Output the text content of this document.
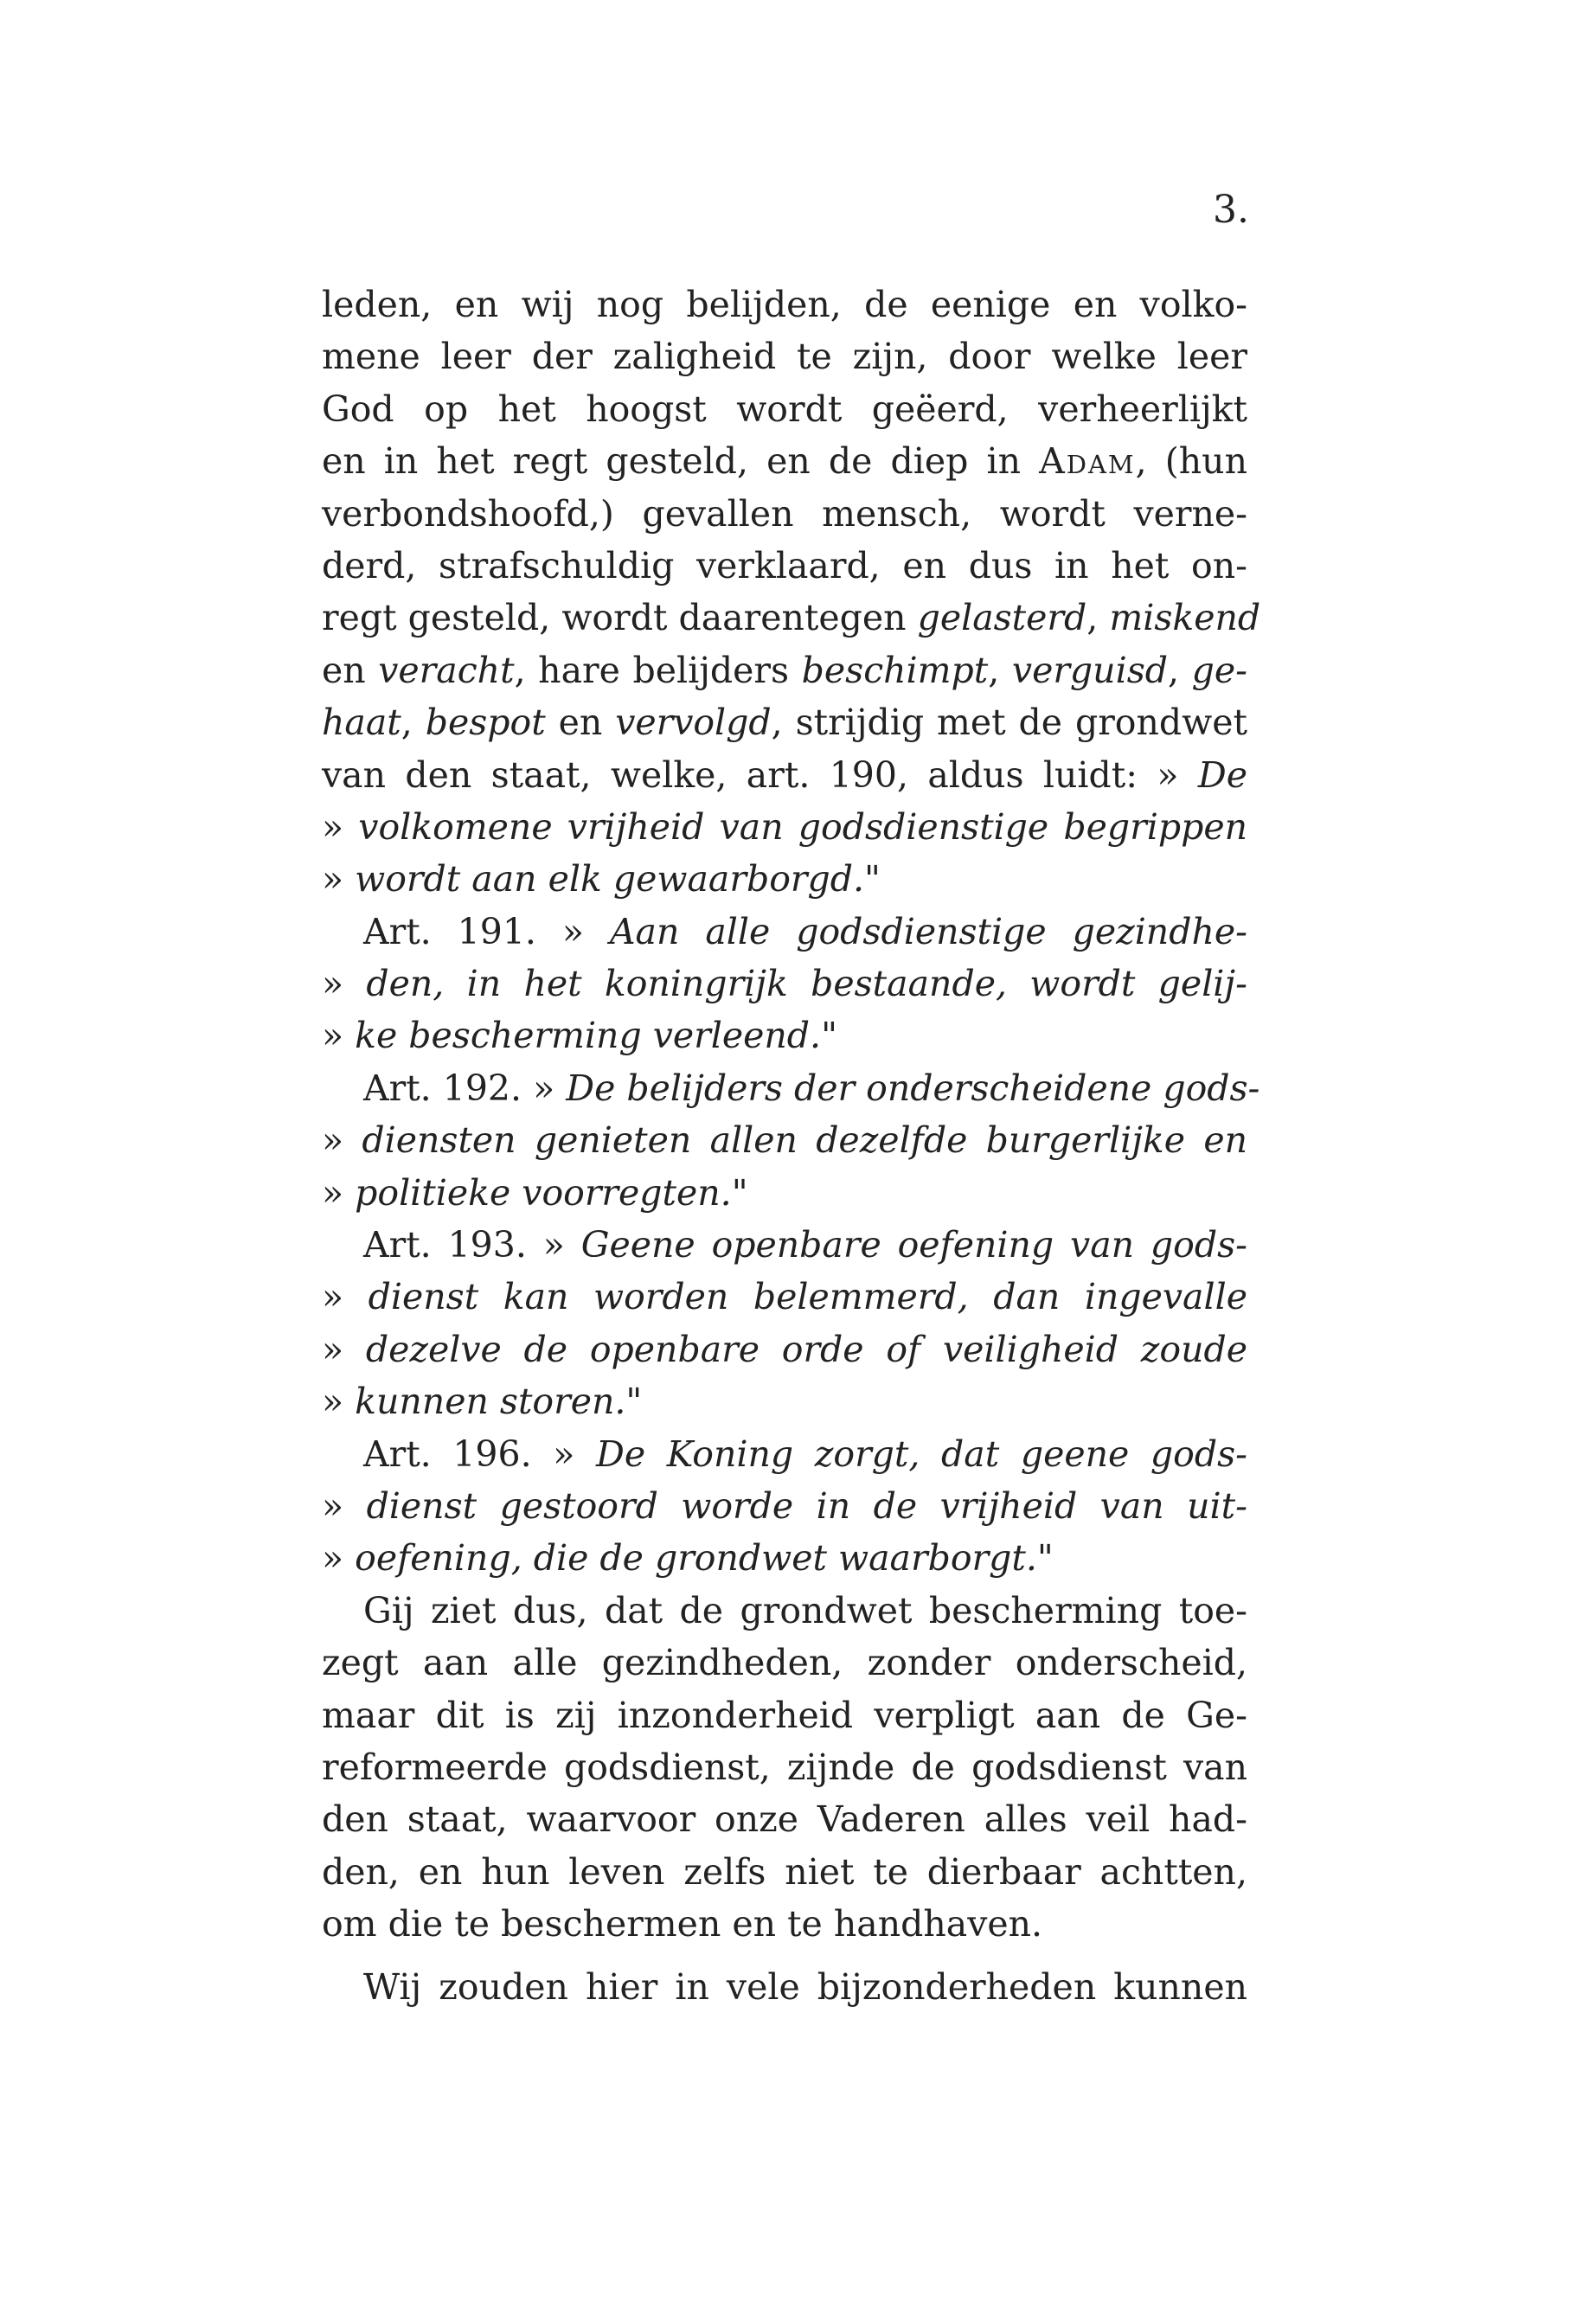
3.
leden, en wij nog belijden, de eenige en volko-
mene leer der zaligheid te zijn, door welke leer
God op het hoogst wordt geëerd, verheerlijkt
en in het regt gesteld, en de diep in Adam, (hun
verbondshoofd,) gevallen mensch, wordt verne-
derd, strafschuldig verklaard, en dus in het on-
regt gesteld, wordt daarentegen gelasterd, miskend
en veracht, hare belijders beschimpt, verguisd, ge-
haat, bespot en vervolgd, strijdig met de grondwet
van den staat, welke, art. 190, aldus luidt: » De
» volkomene vrijheid van godsdienstige begrippen
» wordt aan elk gewaarborgd."
Art. 191. » Aan alle godsdienstige gezindhe-
» den, in het koningrijk bestaande, wordt gelij-
» ke bescherming verleend."
Art. 192. » De belijders der onderscheidene gods-
» diensten genieten allen dezelfde burgerlijke en
» politieke voorregten."
Art. 193. » Geene openbare oefening van gods-
» dienst kan worden belemmerd, dan ingevalle
» dezelve de openbare orde of veiligheid zoude
» kunnen storen."
Art. 196. » De Koning zorgt, dat geene gods-
» dienst gestoord worde in de vrijheid van uit-
» oefening, die de grondwet waarborgt."
Gij ziet dus, dat de grondwet bescherming toe-
zegt aan alle gezindheden, zonder onderscheid,
maar dit is zij inzonderheid verpligt aan de Ge-
reformeerde godsdienst, zijnde de godsdienst van
den staat, waarvoor onze Vaderen alles veil had-
den, en hun leven zelfs niet te dierbaar achtten,
om die te beschermen en te handhaven.
Wij zouden hier in vele bijzonderheden kunnen
